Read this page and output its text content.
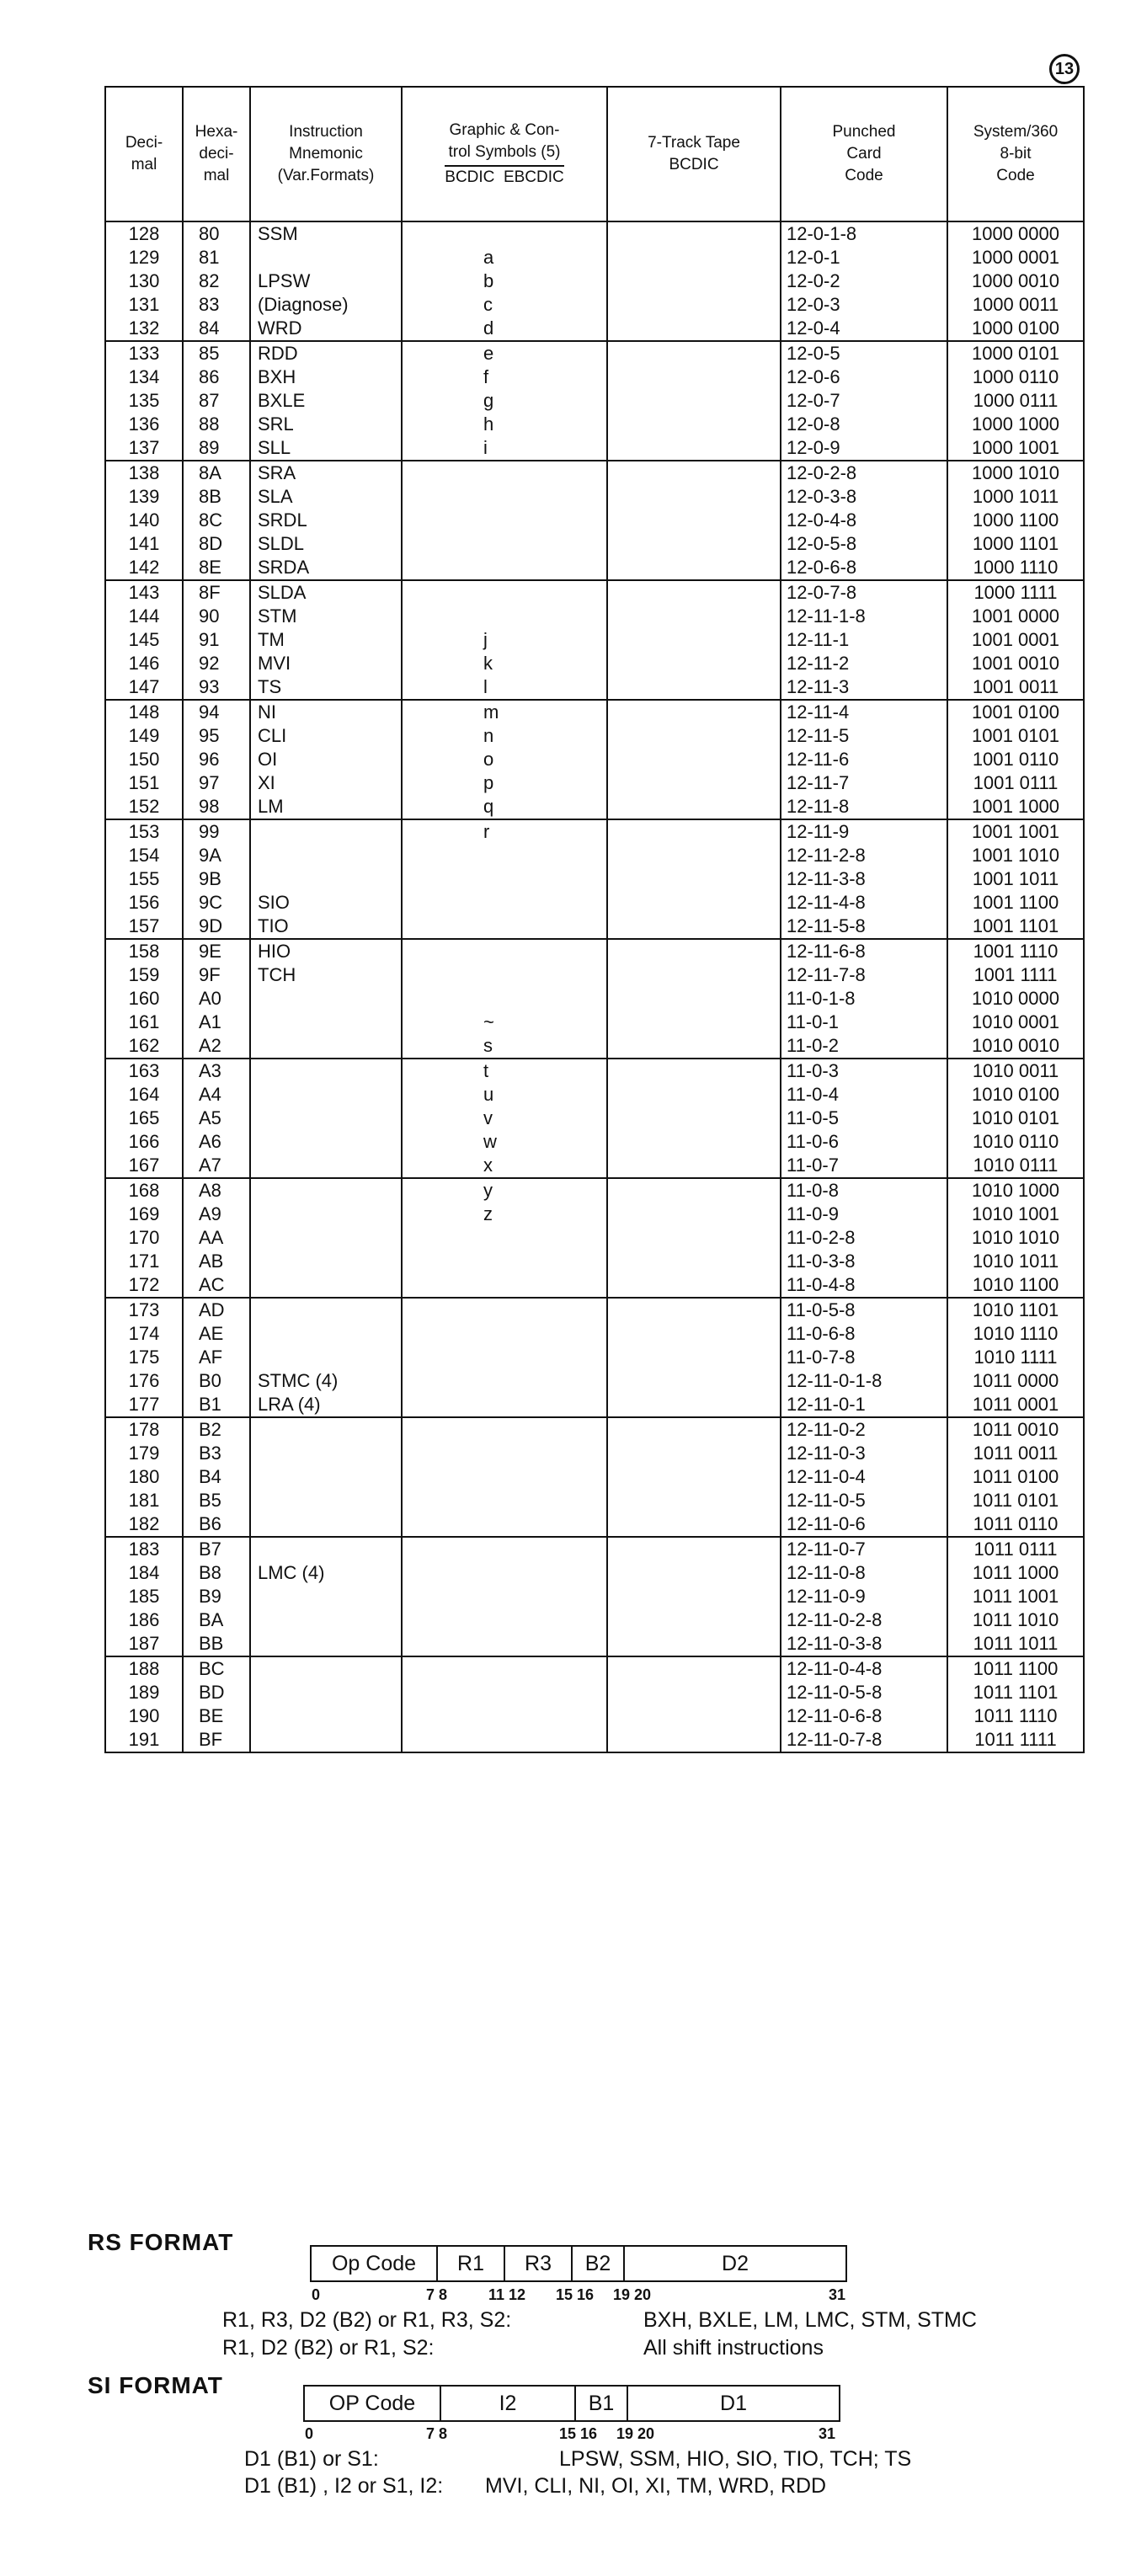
13
Deci-
mal	Hexa-
deci-
mal	Instruction
Mnemonic
(Var.Formats)	Graphic & Con-
trol Symbols (5)
BCDIC  EBCDIC	7-Track Tape
BCDIC	Punched
Card
Code	System/360
8-bit
Code
128	80	SSM			12-0-1-8	1000 0000
129	81		a		12-0-1	1000 0001
130	82	LPSW	b		12-0-2	1000 0010
131	83	(Diagnose)	c		12-0-3	1000 0011
132	84	WRD	d		12-0-4	1000 0100
133	85	RDD	e		12-0-5	1000 0101
134	86	BXH	f		12-0-6	1000 0110
135	87	BXLE	g		12-0-7	1000 0111
136	88	SRL	h		12-0-8	1000 1000
137	89	SLL	i		12-0-9	1000 1001
138	8A	SRA			12-0-2-8	1000 1010
139	8B	SLA			12-0-3-8	1000 1011
140	8C	SRDL			12-0-4-8	1000 1100
141	8D	SLDL			12-0-5-8	1000 1101
142	8E	SRDA			12-0-6-8	1000 1110
143	8F	SLDA			12-0-7-8	1000 1111
144	90	STM			12-11-1-8	1001 0000
145	91	TM	j		12-11-1	1001 0001
146	92	MVI	k		12-11-2	1001 0010
147	93	TS	l		12-11-3	1001 0011
148	94	NI	m		12-11-4	1001 0100
149	95	CLI	n		12-11-5	1001 0101
150	96	OI	o		12-11-6	1001 0110
151	97	XI	p		12-11-7	1001 0111
152	98	LM	q		12-11-8	1001 1000
153	99		r		12-11-9	1001 1001
154	9A				12-11-2-8	1001 1010
155	9B				12-11-3-8	1001 1011
156	9C	SIO			12-11-4-8	1001 1100
157	9D	TIO			12-11-5-8	1001 1101
158	9E	HIO			12-11-6-8	1001 1110
159	9F	TCH			12-11-7-8	1001 1111
160	A0				11-0-1-8	1010 0000
161	A1		~		11-0-1	1010 0001
162	A2		s		11-0-2	1010 0010
163	A3		t		11-0-3	1010 0011
164	A4		u		11-0-4	1010 0100
165	A5		v		11-0-5	1010 0101
166	A6		w		11-0-6	1010 0110
167	A7		x		11-0-7	1010 0111
168	A8		y		11-0-8	1010 1000
169	A9		z		11-0-9	1010 1001
170	AA				11-0-2-8	1010 1010
171	AB				11-0-3-8	1010 1011
172	AC				11-0-4-8	1010 1100
173	AD				11-0-5-8	1010 1101
174	AE				11-0-6-8	1010 1110
175	AF				11-0-7-8	1010 1111
176	B0	STMC (4)			12-11-0-1-8	1011 0000
177	B1	LRA (4)			12-11-0-1	1011 0001
178	B2				12-11-0-2	1011 0010
179	B3				12-11-0-3	1011 0011
180	B4				12-11-0-4	1011 0100
181	B5				12-11-0-5	1011 0101
182	B6				12-11-0-6	1011 0110
183	B7				12-11-0-7	1011 0111
184	B8	LMC (4)			12-11-0-8	1011 1000
185	B9				12-11-0-9	1011 1001
186	BA				12-11-0-2-8	1011 1010
187	BB				12-11-0-3-8	1011 1011
188	BC				12-11-0-4-8	1011 1100
189	BD				12-11-0-5-8	1011 1101
190	BE				12-11-0-6-8	1011 1110
191	BF				12-11-0-7-8	1011 1111
RS FORMAT
Op Code	R1	R3	B2	D2
0	7 8	11 12 15 16 19 20	31
R1, R3, D2 (B2) or R1, R3, S2:	BXH, BXLE, LM, LMC, STM, STMC
R1, D2 (B2) or R1, S2:	All shift instructions
SI FORMAT
OP Code	I2	B1	D1
0	7 8	15 16 19 20	31
D1 (B1) or S1:	LPSW, SSM, HIO, SIO, TIO, TCH; TS
D1 (B1) , I2 or S1, I2: MVI, CLI, NI, OI, XI, TM, WRD, RDD
